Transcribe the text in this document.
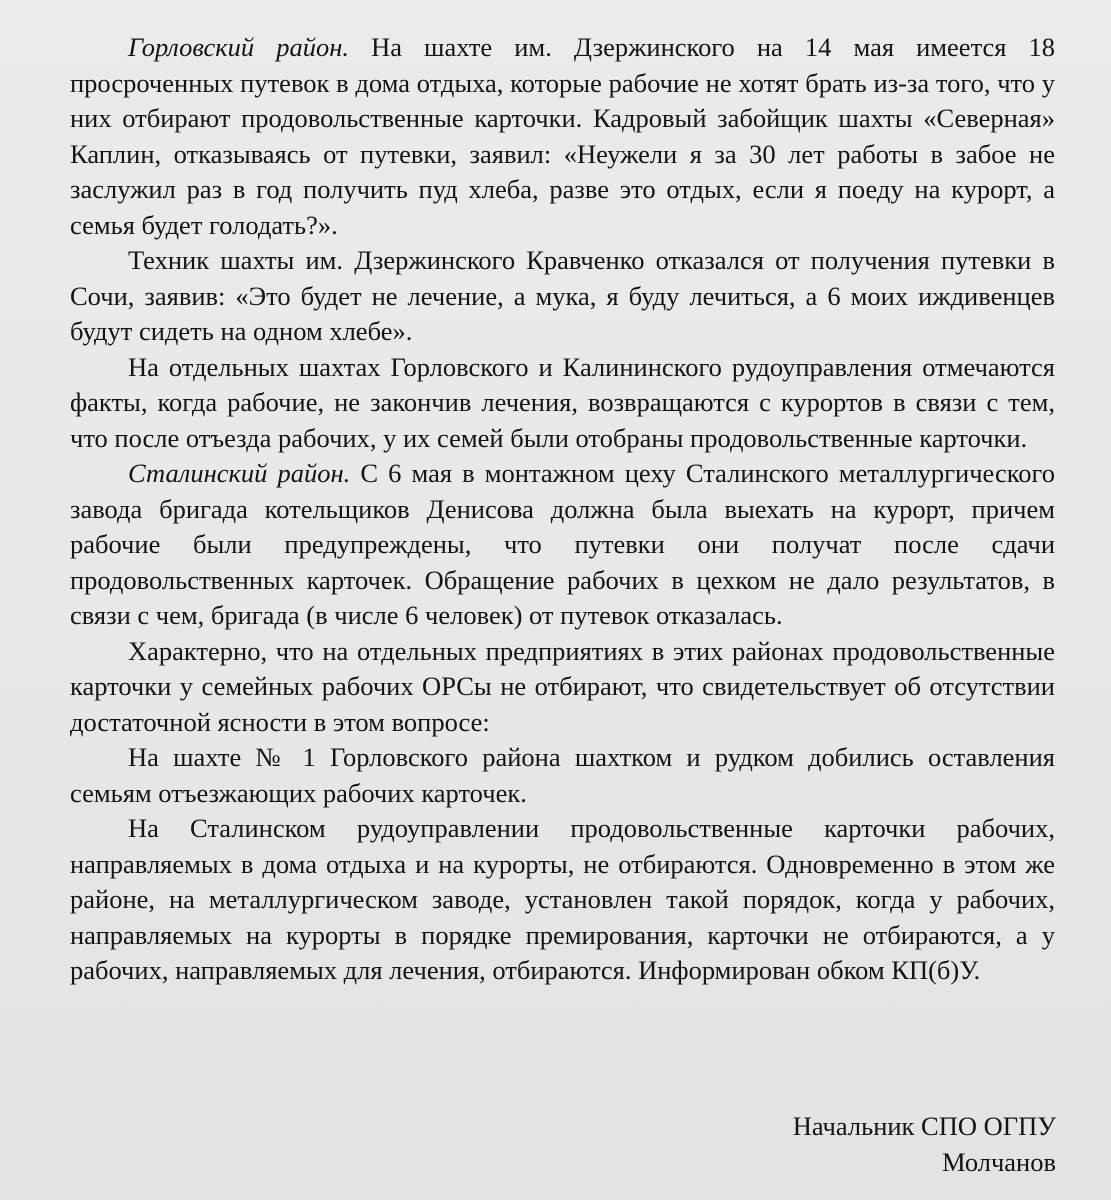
Горловский район. На шахте им. Дзержинского на 14 мая имеется 18 просроченных путевок в дома отдыха, которые рабочие не хотят брать из-за того, что у них отбирают продовольственные карточки. Кадровый забойщик шахты «Северная» Каплин, отказываясь от путевки, заявил: «Неужели я за 30 лет работы в забое не заслужил раз в год получить пуд хлеба, разве это отдых, если я поеду на курорт, а семья будет голодать?».

Техник шахты им. Дзержинского Кравченко отказался от получения путевки в Сочи, заявив: «Это будет не лечение, а мука, я буду лечиться, а 6 моих иждивенцев будут сидеть на одном хлебе».

На отдельных шахтах Горловского и Калининского рудоуправления отмечаются факты, когда рабочие, не закончив лечения, возвращаются с курортов в связи с тем, что после отъезда рабочих, у их семей были отобраны продовольственные карточки.

Сталинский район. С 6 мая в монтажном цеху Сталинского металлургического завода бригада котельщиков Денисова должна была выехать на курорт, причем рабочие были предупреждены, что путевки они получат после сдачи продовольственных карточек. Обращение рабочих в цехком не дало результатов, в связи с чем, бригада (в числе 6 человек) от путевок отказалась.

Характерно, что на отдельных предприятиях в этих районах продовольственные карточки у семейных рабочих ОРСы не отбирают, что свидетельствует об отсутствии достаточной ясности в этом вопросе:

На шахте № 1 Горловского района шахтком и рудком добились оставления семьям отъезжающих рабочих карточек.

На Сталинском рудоуправлении продовольственные карточки рабочих, направляемых в дома отдыха и на курорты, не отбираются. Одновременно в этом же районе, на металлургическом заводе, установлен такой порядок, когда у рабочих, направляемых на курорты в порядке премирования, карточки не отбираются, а у рабочих, направляемых для лечения, отбираются. Информирован обком КП(б)У.

Начальник СПО ОГПУ
Молчанов
